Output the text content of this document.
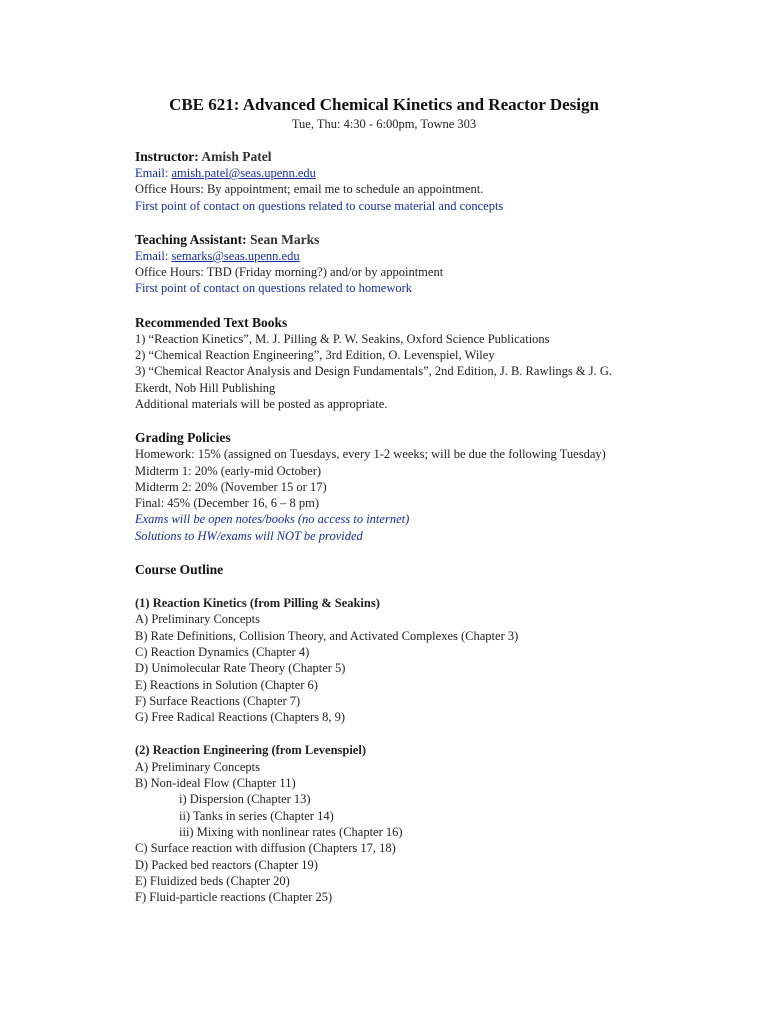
CBE 621: Advanced Chemical Kinetics and Reactor Design
Tue, Thu: 4:30 - 6:00pm, Towne 303
Instructor: Amish Patel
Email: amish.patel@seas.upenn.edu
Office Hours: By appointment; email me to schedule an appointment.
First point of contact on questions related to course material and concepts
Teaching Assistant: Sean Marks
Email: semarks@seas.upenn.edu
Office Hours: TBD (Friday morning?) and/or by appointment
First point of contact on questions related to homework
Recommended Text Books
1) “Reaction Kinetics”, M. J. Pilling & P. W. Seakins, Oxford Science Publications
2) “Chemical Reaction Engineering”, 3rd Edition, O. Levenspiel, Wiley
3) “Chemical Reactor Analysis and Design Fundamentals”, 2nd Edition, J. B. Rawlings & J. G.
Ekerdt, Nob Hill Publishing
Additional materials will be posted as appropriate.
Grading Policies
Homework: 15% (assigned on Tuesdays, every 1-2 weeks; will be due the following Tuesday)
Midterm 1: 20% (early-mid October)
Midterm 2: 20% (November 15 or 17)
Final: 45% (December 16, 6 – 8 pm)
Exams will be open notes/books (no access to internet)
Solutions to HW/exams will NOT be provided
Course Outline
(1) Reaction Kinetics (from Pilling & Seakins)
A) Preliminary Concepts
B) Rate Definitions, Collision Theory, and Activated Complexes (Chapter 3)
C) Reaction Dynamics (Chapter 4)
D) Unimolecular Rate Theory (Chapter 5)
E) Reactions in Solution (Chapter 6)
F) Surface Reactions (Chapter 7)
G) Free Radical Reactions (Chapters 8, 9)
(2) Reaction Engineering (from Levenspiel)
A) Preliminary Concepts
B) Non-ideal Flow (Chapter 11)
i) Dispersion (Chapter 13)
ii) Tanks in series (Chapter 14)
iii) Mixing with nonlinear rates (Chapter 16)
C) Surface reaction with diffusion (Chapters 17, 18)
D) Packed bed reactors (Chapter 19)
E) Fluidized beds (Chapter 20)
F) Fluid-particle reactions (Chapter 25)
